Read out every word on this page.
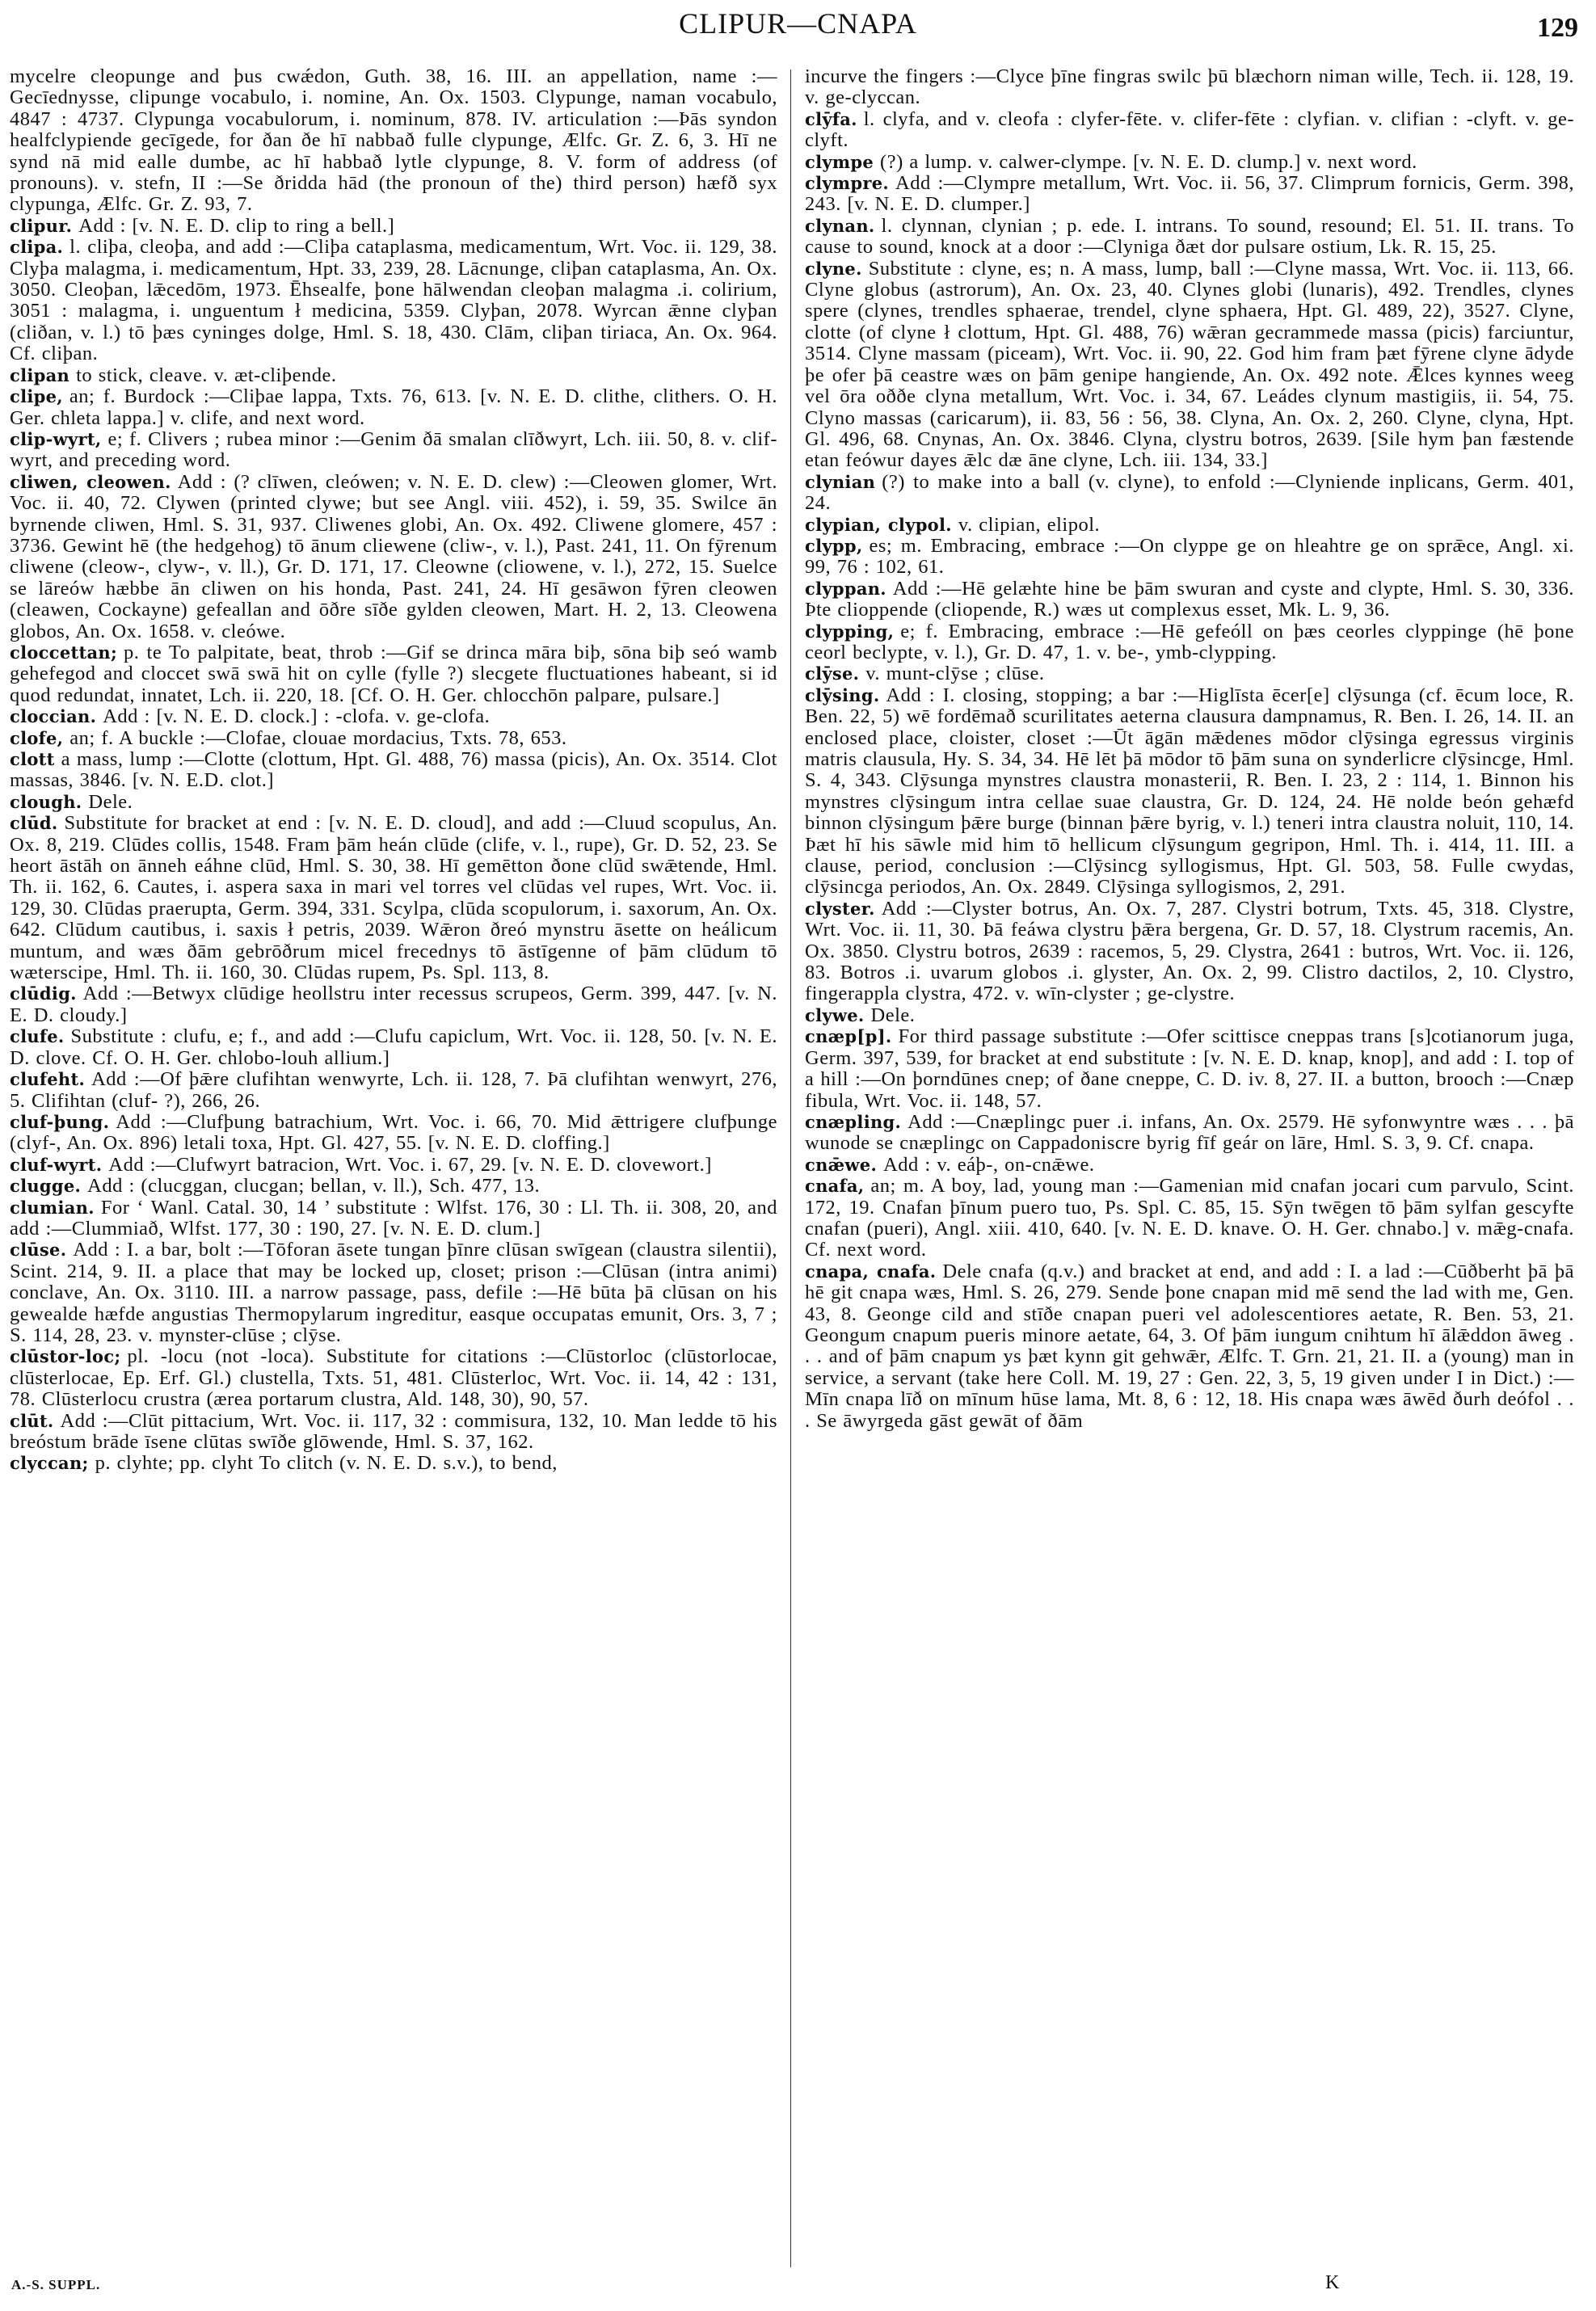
CLIPUR—CNAPA	129

mycelre cleopunge and þus cwǽdon, Guth. 38, 16. III. an appellation, name :—Gecīednysse, clipunge vocabulo, i. nomine, An. Ox. 1503. Clypunge, naman vocabulo, 4847 : 4737. Clypunga vocabulorum, i. nominum, 878. IV. articulation :—Þās syndon healfclypiende gecīgede, for ðan ðe hī nabbað fulle clypunge, Ælfc. Gr. Z. 6, 3. Hī ne synd nā mid ealle dumbe, ac hī habbað lytle clypunge, 8. V. form of address (of pronouns). v. stefn, II :—Se ðridda hād (the pronoun of the) third person) hæfð syx clypunga, Ælfc. Gr. Z. 93, 7.

clipur. Add : [v. N. E. D. clip to ring a bell.]

clipa. l. cliþa, cleoþa, and add :—Cliþa cataplasma, medicamentum, Wrt. Voc. ii. 129, 38. Clyþa malagma, i. medicamentum, Hpt. 33, 239, 28. Lācnunge, cliþan cataplasma, An. Ox. 3050. Cleoþan, lǣcedōm, 1973. Ēhsealfe, þone hālwendan cleoþan malagma .i. colirium, 3051 : malagma, i. unguentum ł medicina, 5359. Clyþan, 2078. Wyrcan ǣnne clyþan (cliðan, v. l.) tō þæs cyninges dolge, Hml. S. 18, 430. Clām, cliþan tiriaca, An. Ox. 964. Cf. cliþan.

clipan to stick, cleave. v. æt-cliþende.

clipe, an; f. Burdock :—Cliþae lappa, Txts. 76, 613. [v. N. E. D. clithe, clithers. O. H. Ger. chleta lappa.] v. clife, and next word.

clip-wyrt, e; f. Clivers ; rubea minor :—Genim ðā smalan clīðwyrt, Lch. iii. 50, 8. v. clif-wyrt, and preceding word.

cliwen, cleowen. Add : (? clīwen, cleówen; v. N. E. D. clew) :—Cleowen glomer, Wrt. Voc. ii. 40, 72. Clywen (printed clywe; but see Angl. viii. 452), i. 59, 35. Swilce ān byrnende cliwen, Hml. S. 31, 937. Cliwenes globi, An. Ox. 492. Cliwene glomere, 457 : 3736. Gewint hē (the hedgehog) tō ānum cliewene (cliw-, v. l.), Past. 241, 11. On fȳrenum cliwene (cleow-, clyw-, v. ll.), Gr. D. 171, 17. Cleowne (cliowene, v. l.), 272, 15. Suelce se lāreów hæbbe ān cliwen on his honda, Past. 241, 24. Hī gesāwon fȳren cleowen (cleawen, Cockayne) gefeallan and ōðre sīðe gylden cleowen, Mart. H. 2, 13. Cleowena globos, An. Ox. 1658. v. cleówe.

cloccettan; p. te To palpitate, beat, throb :—Gif se drinca māra biþ, sōna biþ seó wamb gehefegod and cloccet swā swā hit on cylle (fylle ?) slecgete fluctuationes habeant, si id quod redundat, innatet, Lch. ii. 220, 18. [Cf. O. H. Ger. chlocchōn palpare, pulsare.]

cloccian. Add : [v. N. E. D. clock.] : -clofa. v. ge-clofa.

clofe, an; f. A buckle :—Clofae, clouae mordacius, Txts. 78, 653.

clott a mass, lump :—Clotte (clottum, Hpt. Gl. 488, 76) massa (picis), An. Ox. 3514. Clot massas, 3846. [v. N. E.D. clot.]

clough. Dele.

clūd. Substitute for bracket at end : [v. N. E. D. cloud], and add :—Cluud scopulus, An. Ox. 8, 219. Clūdes collis, 1548. Fram þām heán clūde (clife, v. l., rupe), Gr. D. 52, 23. Se heort āstāh on ānneh eáhne clūd, Hml. S. 30, 38. Hī gemētton ðone clūd swǣtende, Hml. Th. ii. 162, 6. Cautes, i. aspera saxa in mari vel torres vel clūdas vel rupes, Wrt. Voc. ii. 129, 30. Clūdas praerupta, Germ. 394, 331. Scylpa, clūda scopulorum, i. saxorum, An. Ox. 642. Clūdum cautibus, i. saxis ł petris, 2039. Wǣron ðreó mynstru āsette on heálicum muntum, and wæs ðām gebrōðrum micel frecednys tō āstīgenne of þām clūdum tō wæterscipe, Hml. Th. ii. 160, 30. Clūdas rupem, Ps. Spl. 113, 8.

clūdig. Add :—Betwyx clūdige heollstru inter recessus scrupeos, Germ. 399, 447. [v. N. E. D. cloudy.]

clufe. Substitute : clufu, e; f., and add :—Clufu capiclum, Wrt. Voc. ii. 128, 50. [v. N. E. D. clove. Cf. O. H. Ger. chlobo-louh allium.]

clufeht. Add :—Of þǣre clufihtan wenwyrte, Lch. ii. 128, 7. Þā clufihtan wenwyrt, 276, 5. Clifihtan (cluf- ?), 266, 26.

cluf-þung. Add :—Clufþung batrachium, Wrt. Voc. i. 66, 70. Mid ǣttrigere clufþunge (clyf-, An. Ox. 896) letali toxa, Hpt. Gl. 427, 55. [v. N. E. D. cloffing.]

cluf-wyrt. Add :—Clufwyrt batracion, Wrt. Voc. i. 67, 29. [v. N. E. D. clovewort.]

clugge. Add : (clucggan, clucgan; bellan, v. ll.), Sch. 477, 13.

clumian. For ‘ Wanl. Catal. 30, 14 ’ substitute : Wlfst. 176, 30 : Ll. Th. ii. 308, 20, and add :—Clummiað, Wlfst. 177, 30 : 190, 27. [v. N. E. D. clum.]

clūse. Add : I. a bar, bolt :—Tōforan āsete tungan þīnre clūsan swīgean (claustra silentii), Scint. 214, 9. II. a place that may be locked up, closet; prison :—Clūsan (intra animi) conclave, An. Ox. 3110. III. a narrow passage, pass, defile :—Hē būta þā clūsan on his gewealde hæfde angustias Thermopylarum ingreditur, easque occupatas emunit, Ors. 3, 7 ; S. 114, 28, 23. v. mynster-clūse ; clȳse.

clūstor-loc; pl. -locu (not -loca). Substitute for citations :—Clūstorloc (clūstorlocae, clūsterlocae, Ep. Erf. Gl.) clustella, Txts. 51, 481. Clūsterloc, Wrt. Voc. ii. 14, 42 : 131, 78. Clūsterlocu crustra (ærea portarum clustra, Ald. 148, 30), 90, 57.

clūt. Add :—Clūt pittacium, Wrt. Voc. ii. 117, 32 : commisura, 132, 10. Man ledde tō his breóstum brāde īsene clūtas swīðe glōwende, Hml. S. 37, 162.

clyccan; p. clyhte; pp. clyht To clitch (v. N. E. D. s.v.), to bend,

incurve the fingers :—Clyce þīne fingras swilc þū blæchorn niman wille, Tech. ii. 128, 19. v. ge-clyccan.

clȳfa. l. clyfa, and v. cleofa : clyfer-fēte. v. clifer-fēte : clyfian. v. clifian : -clyft. v. ge-clyft.

clympe (?) a lump. v. calwer-clympe. [v. N. E. D. clump.] v. next word.

clympre. Add :—Clympre metallum, Wrt. Voc. ii. 56, 37. Climprum fornicis, Germ. 398, 243. [v. N. E. D. clumper.]

clynan. l. clynnan, clynian ; p. ede. I. intrans. To sound, resound; El. 51. II. trans. To cause to sound, knock at a door :—Clyniga ðæt dor pulsare ostium, Lk. R. 15, 25.

clyne. Substitute : clyne, es; n. A mass, lump, ball :—Clyne massa, Wrt. Voc. ii. 113, 66. Clyne globus (astrorum), An. Ox. 23, 40. Clynes globi (lunaris), 492. Trendles, clynes spere (clynes, trendles sphaerae, trendel, clyne sphaera, Hpt. Gl. 489, 22), 3527. Clyne, clotte (of clyne ł clottum, Hpt. Gl. 488, 76) wǣran gecrammede massa (picis) farciuntur, 3514. Clyne massam (piceam), Wrt. Voc. ii. 90, 22. God him fram þæt fȳrene clyne ādyde þe ofer þā ceastre wæs on þām genipe hangiende, An. Ox. 492 note. Ǣlces kynnes weeg vel ōra oððe clyna metallum, Wrt. Voc. i. 34, 67. Leádes clynum mastigiis, ii. 54, 75. Clyno massas (caricarum), ii. 83, 56 : 56, 38. Clyna, An. Ox. 2, 260. Clyne, clyna, Hpt. Gl. 496, 68. Cnynas, An. Ox. 3846. Clyna, clystru botros, 2639. [Sile hym þan fæstende etan feówur dayes ǣlc dæ āne clyne, Lch. iii. 134, 33.]

clynian (?) to make into a ball (v. clyne), to enfold :—Clyniende inplicans, Germ. 401, 24.

clypian, clypol. v. clipian, elipol.

clypp, es; m. Embracing, embrace :—On clyppe ge on hleahtre ge on sprǣce, Angl. xi. 99, 76 : 102, 61.

clyppan. Add :—Hē gelæhte hine be þām swuran and cyste and clypte, Hml. S. 30, 336. Þte clioppende (cliopende, R.) wæs ut complexus esset, Mk. L. 9, 36.

clypping, e; f. Embracing, embrace :—Hē gefeóll on þæs ceorles clyppinge (hē þone ceorl beclypte, v. l.), Gr. D. 47, 1. v. be-, ymb-clypping.

clȳse. v. munt-clȳse ; clūse.

clȳsing. Add : I. closing, stopping; a bar :—Higlīsta ēcer[e] clȳsunga (cf. ēcum loce, R. Ben. 22, 5) wē fordēmað scurilitates aeterna clausura dampnamus, R. Ben. I. 26, 14. II. an enclosed place, cloister, closet :—Ūt āgān mǣdenes mōdor clȳsinga egressus virginis matris clausula, Hy. S. 34, 34. Hē lēt þā mōdor tō þām suna on synderlicre clȳsincge, Hml. S. 4, 343. Clȳsunga mynstres claustra monasterii, R. Ben. I. 23, 2 : 114, 1. Binnon his mynstres clȳsingum intra cellae suae claustra, Gr. D. 124, 24. Hē nolde beón gehæfd binnon clȳsingum þǣre burge (binnan þǣre byrig, v. l.) teneri intra claustra noluit, 110, 14. Þæt hī his sāwle mid him tō hellicum clȳsungum gegripon, Hml. Th. i. 414, 11. III. a clause, period, conclusion :—Clȳsincg syllogismus, Hpt. Gl. 503, 58. Fulle cwydas, clȳsincga periodos, An. Ox. 2849. Clȳsinga syllogismos, 2, 291.

clyster. Add :—Clyster botrus, An. Ox. 7, 287. Clystri botrum, Txts. 45, 318. Clystre, Wrt. Voc. ii. 11, 30. Þā feáwa clystru þǣra bergena, Gr. D. 57, 18. Clystrum racemis, An. Ox. 3850. Clystru botros, 2639 : racemos, 5, 29. Clystra, 2641 : butros, Wrt. Voc. ii. 126, 83. Botros .i. uvarum globos .i. glyster, An. Ox. 2, 99. Clistro dactilos, 2, 10. Clystro, fingerappla clystra, 472. v. wīn-clyster ; ge-clystre.

clywe. Dele.

cnæp[p]. For third passage substitute :—Ofer scittisce cneppas trans [s]cotianorum juga, Germ. 397, 539, for bracket at end substitute : [v. N. E. D. knap, knop], and add : I. top of a hill :—On þorndūnes cnep; of ðane cneppe, C. D. iv. 8, 27. II. a button, brooch :—Cnæp fibula, Wrt. Voc. ii. 148, 57.

cnæpling. Add :—Cnæplingc puer .i. infans, An. Ox. 2579. Hē syfonwyntre wæs . . . þā wunode se cnæplingc on Cappadoniscre byrig fīf geár on lāre, Hml. S. 3, 9. Cf. cnapa.

cnǣwe. Add : v. eáþ-, on-cnǣwe.

cnafa, an; m. A boy, lad, young man :—Gamenian mid cnafan jocari cum parvulo, Scint. 172, 19. Cnafan þīnum puero tuo, Ps. Spl. C. 85, 15. Sȳn twēgen tō þām sylfan gescyfte cnafan (pueri), Angl. xiii. 410, 640. [v. N. E. D. knave. O. H. Ger. chnabo.] v. mǣg-cnafa. Cf. next word.

cnapa, cnafa. Dele cnafa (q.v.) and bracket at end, and add : I. a lad :—Cūðberht þā þā hē git cnapa wæs, Hml. S. 26, 279. Sende þone cnapan mid mē send the lad with me, Gen. 43, 8. Geonge cild and stīðe cnapan pueri vel adolescentiores aetate, R. Ben. 53, 21. Geongum cnapum pueris minore aetate, 64, 3. Of þām iungum cnihtum hī ālǣddon āweg . . . and of þām cnapum ys þæt kynn git gehwǣr, Ælfc. T. Grn. 21, 21. II. a (young) man in service, a servant (take here Coll. M. 19, 27 : Gen. 22, 3, 5, 19 given under I in Dict.) :—Mīn cnapa līð on mīnum hūse lama, Mt. 8, 6 : 12, 18. His cnapa wæs āwēd ðurh deófol . . . Se āwyrgeda gāst gewāt of ðām

A.-S. SUPPL.	K
